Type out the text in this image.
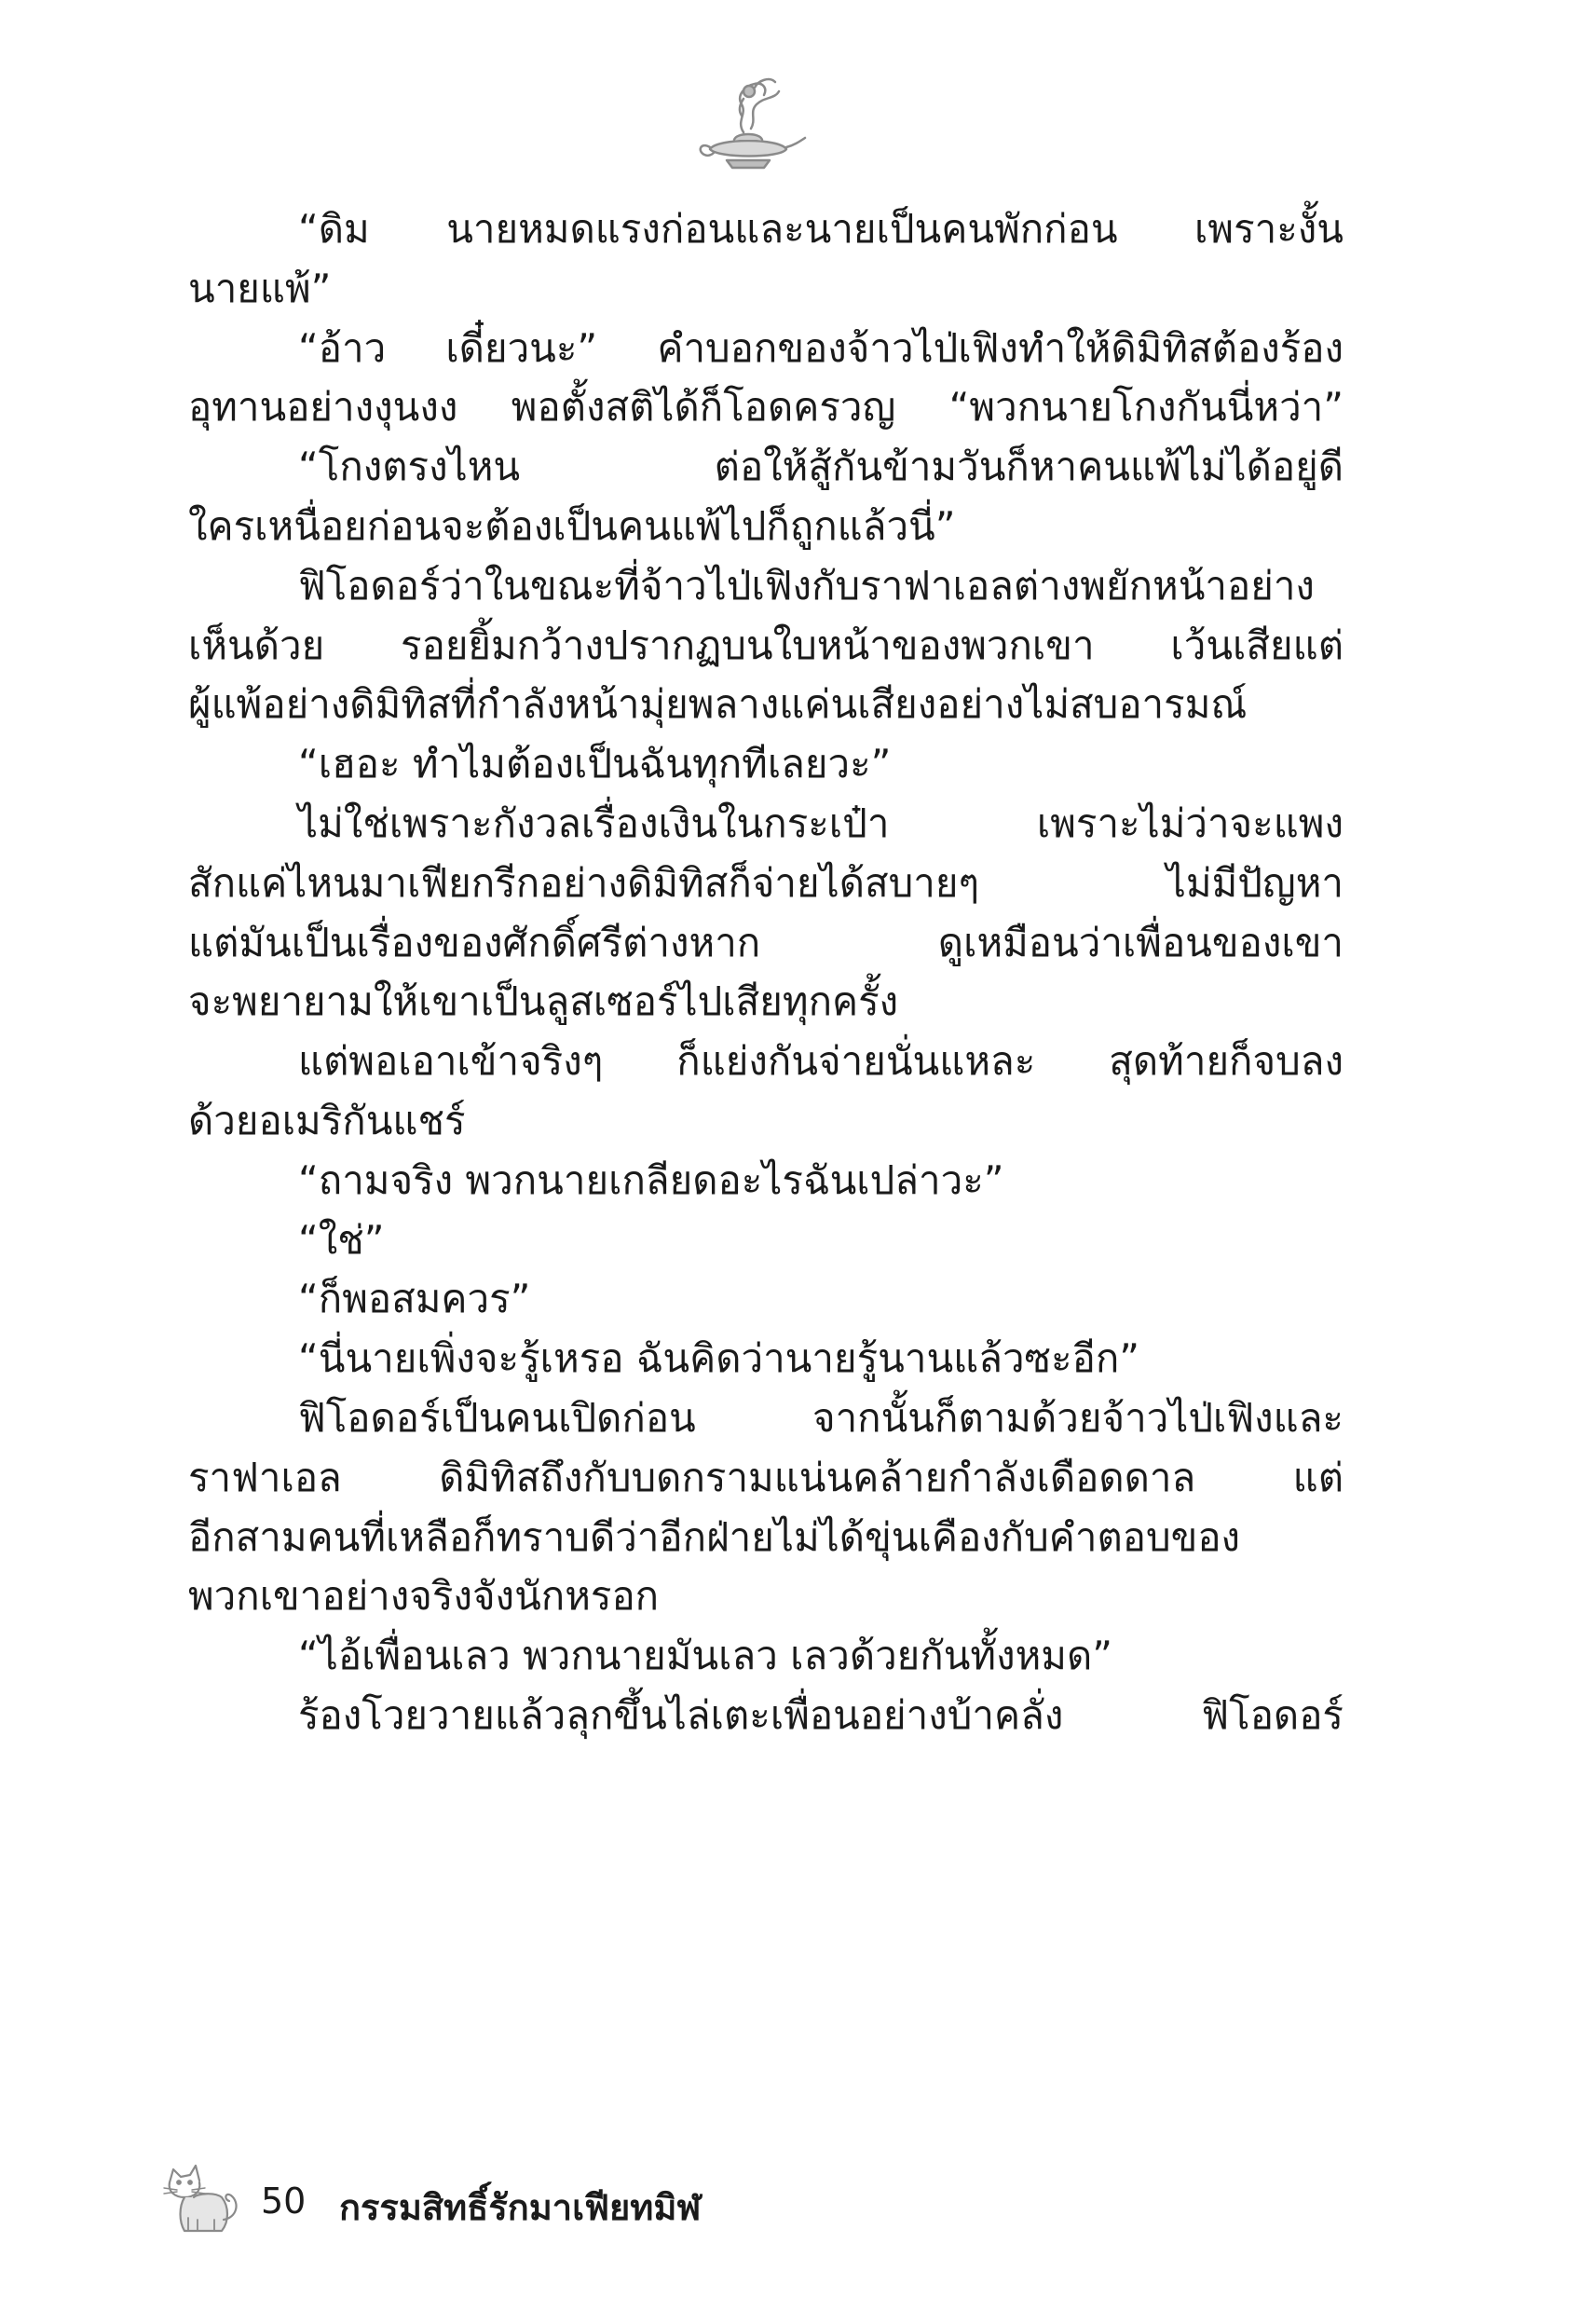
“ดิม นายหมดแรงก่อนและนายเป็นคนพักก่อน เพราะงั้น
นายแพ้”
“อ้าว เดี๋ยวนะ” คำบอกของจ้าวไป่เฟิงทำให้ดิมิทิสต้องร้อง
อุทานอย่างงุนงง พอตั้งสติได้ก็โอดครวญ “พวกนายโกงกันนี่หว่า”
“โกงตรงไหน ต่อให้สู้กันข้ามวันก็หาคนแพ้ไม่ได้อยู่ดี
ใครเหนื่อยก่อนจะต้องเป็นคนแพ้ไปก็ถูกแล้วนี่”
ฟิโอดอร์ว่าในขณะที่จ้าวไป่เฟิงกับราฟาเอลต่างพยักหน้าอย่าง
เห็นด้วย รอยยิ้มกว้างปรากฏบนใบหน้าของพวกเขา เว้นเสียแต่
ผู้แพ้อย่างดิมิทิสที่กำลังหน้ามุ่ยพลางแค่นเสียงอย่างไม่สบอารมณ์
“เฮอะ ทำไมต้องเป็นฉันทุกทีเลยวะ”
ไม่ใช่เพราะกังวลเรื่องเงินในกระเป๋า เพราะไม่ว่าจะแพง
สักแค่ไหนมาเฟียกรีกอย่างดิมิทิสก็จ่ายได้สบายๆ ไม่มีปัญหา
แต่มันเป็นเรื่องของศักดิ์ศรีต่างหาก ดูเหมือนว่าเพื่อนของเขา
จะพยายามให้เขาเป็นลูสเซอร์ไปเสียทุกครั้ง
แต่พอเอาเข้าจริงๆ ก็แย่งกันจ่ายนั่นแหละ สุดท้ายก็จบลง
ด้วยอเมริกันแชร์
“ถามจริง พวกนายเกลียดอะไรฉันเปล่าวะ”
“ใช่”
“ก็พอสมควร”
“นี่นายเพิ่งจะรู้เหรอ ฉันคิดว่านายรู้นานแล้วซะอีก”
ฟิโอดอร์เป็นคนเปิดก่อน จากนั้นก็ตามด้วยจ้าวไป่เฟิงและ
ราฟาเอล ดิมิทิสถึงกับบดกรามแน่นคล้ายกำลังเดือดดาล แต่
อีกสามคนที่เหลือก็ทราบดีว่าอีกฝ่ายไม่ได้ขุ่นเคืองกับคำตอบของ
พวกเขาอย่างจริงจังนักหรอก
“ไอ้เพื่อนเลว พวกนายมันเลว เลวด้วยกันทั้งหมด”
ร้องโวยวายแล้วลุกขึ้นไล่เตะเพื่อนอย่างบ้าคลั่ง ฟิโอดอร์
50 กรรมสิทธิ์รักมาเฟียทมิฬ
